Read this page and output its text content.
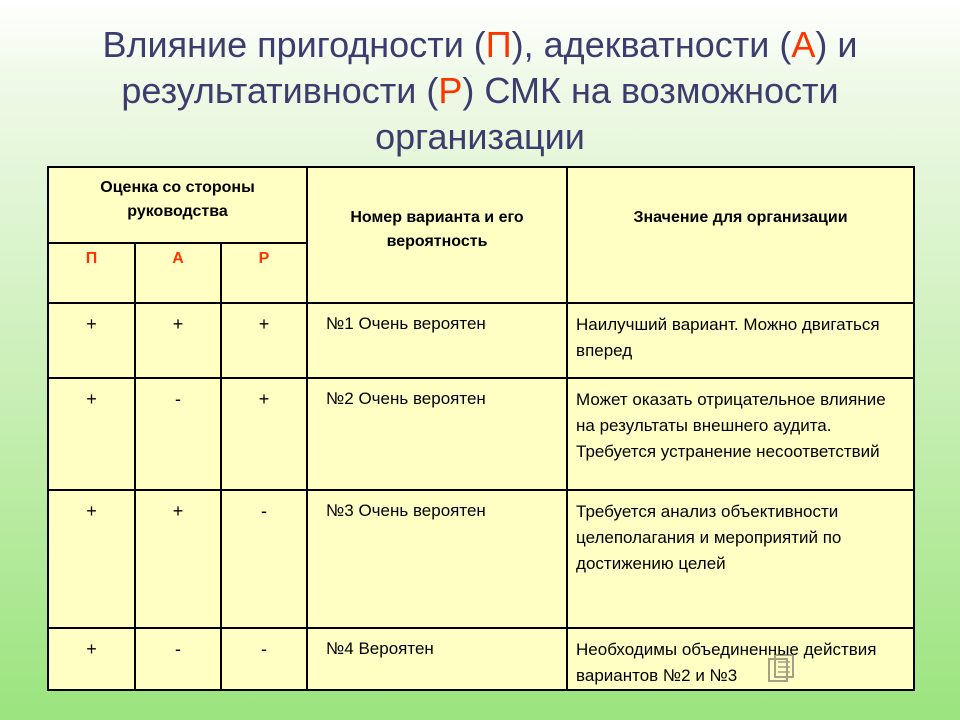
Влияние пригодности (П), адекватности (А) и результативности (Р) СМК на возможности организации
Оценка со стороны руководства			Номер варианта и его вероятность	Значение для организации
П	А	Р		
+	+	+	№1 Очень вероятен	Наилучший вариант. Можно двигаться вперед
+	-	+	№2 Очень вероятен	Может оказать отрицательное влияние на результаты внешнего аудита. Требуется устранение несоответствий
+	+	-	№3 Очень вероятен	Требуется анализ объективности целеполагания и мероприятий по достижению целей
+	-	-	№4 Вероятен	Необходимы объединенные действия вариантов №2 и №3
